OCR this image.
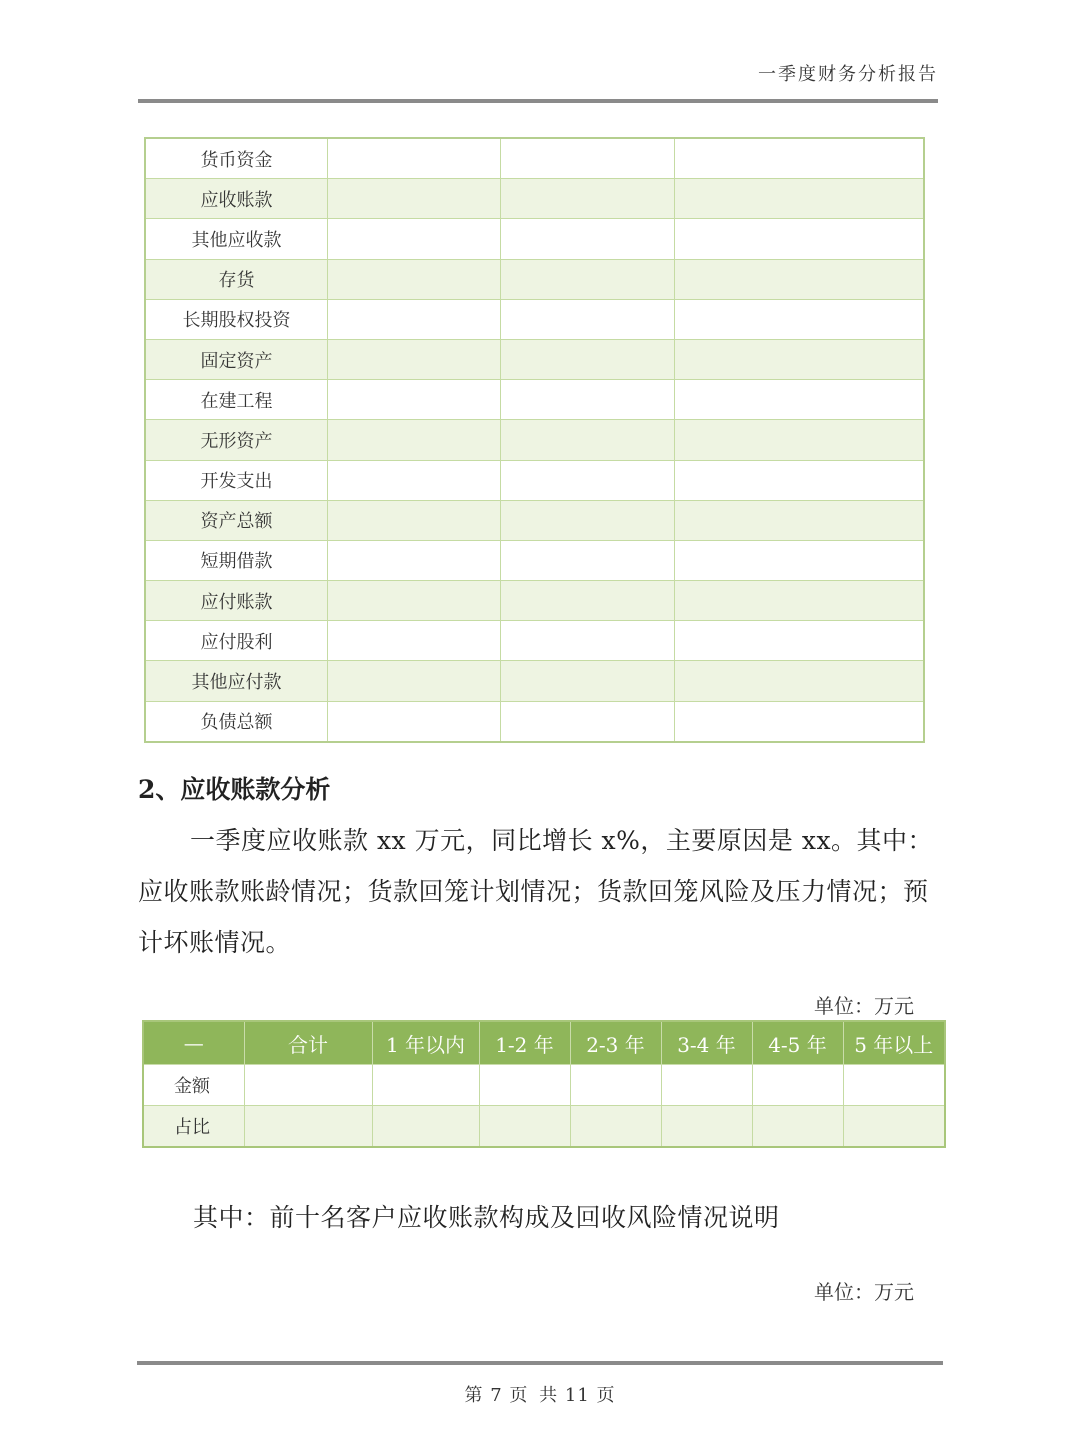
一季度财务分析报告
货币资金			
应收账款			
其他应收款			
存货			
长期股权投资			
固定资产			
在建工程			
无形资产			
开发支出			
资产总额			
短期借款			
应付账款			
应付股利			
其他应付款			
负债总额			
2、应收账款分析
一季度应收账款 xx 万元，同比增长 x%，主要原因是 xx。其中：应收账款账龄情况；货款回笼计划情况；货款回笼风险及压力情况；预计坏账情况。
单位：万元
—	合计	1 年以内	1-2 年	2-3 年	3-4 年	4-5 年	5 年以上
金额							
占比							
其中：前十名客户应收账款构成及回收风险情况说明
单位：万元
第 7 页 共 11 页
